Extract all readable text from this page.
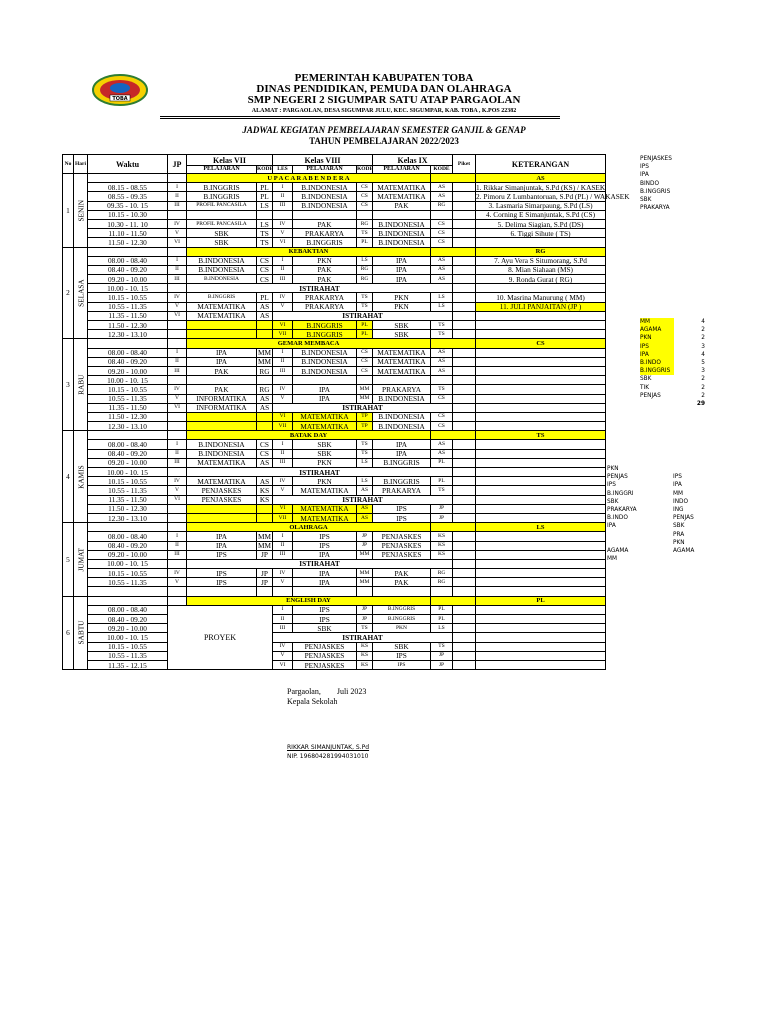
TOBA
PEMERINTAH KABUPATEN TOBA
DINAS PENDIDIKAN, PEMUDA DAN OLAHRAGA
SMP NEGERI 2 SIGUMPAR SATU ATAP PARGAOLAN
ALAMAT : PARGAOLAN, DESA SIGUMPAR JULU, KEC. SIGUMPAR, KAB. TOBA , K.POS 22382
JADWAL KEGIATAN PEMBELAJARAN SEMESTER GANJIL & GENAP
TAHUN PEMBELAJARAN 2022/2023
No	Hari	Waktu	JP	Kelas VII		Kelas VIII			Kelas IX		Piket	KETERANGAN	
				PELAJARAN	KODE	LES	PELAJARAN	KODE	PELAJARAN	KODE			
1	SENIN			U P A C A R A B E N D E R A								AS	
		08.15 - 08.55	I	B.INGGRIS	PL	I	B.INDONESIA	CS	MATEMATIKA	AS		1. Rikkar Simanjuntak, S.Pd (KS) / KASEK	
		08.55 - 09.35	II	B.INGGRIS	PL	II	B.INDONESIA	CS	MATEMATIKA	AS		2. Pimoru Z Lumbantoruan, S.Pd (PL) / WAKASEK	
		09.35 - 10. 15	III	PROFIL PANCASILA	LS	III	B.INDONESIA	CS	PAK	RG		3. Lasmaria Simarpaung, S.Pd (LS)	
		10.15 - 10.30										4. Corning E Simanjuntak, S.Pd (CS)	
		10.30 - 11. 10	IV	PROFIL PANCASILA	LS	IV	PAK	RG	B.INDONESIA	CS		5. Delima Siagian, S.Pd (DS)	
		11.10 - 11.50	V	SBK	TS	V	PRAKARYA	TS	B.INDONESIA	CS		6. Tiggi Sihute ( TS)	
		11.50 - 12.30	VI	SBK	TS	VI	B.INGGRIS	PL	B.INDONESIA	CS			
2	SELASA			KEBAKTIAN								RG	
		08.00 - 08.40	I	B.INDONESIA	CS	I	PKN	LS	IPA	AS		7. Ayu Vera S Situmorang, S.Pd	
		08.40 - 09.20	II	B.INDONESIA	CS	II	PAK	RG	IPA	AS		8. Mian Siahaan (MS)	
		09.20 - 10.00	III	B.INDONESIA	CS	III	PAK	RG	IPA	AS		9. Ronda Gurat ( RG)	
		10.00 - 10. 15		ISTIRAHAT									
		10.15 - 10.55	IV	B.INGGRIS	PL	IV	PRAKARYA	TS	PKN	LS		10. Masrina Manurung ( MM)	
		10.55 - 11.35	V	MATEMATIKA	AS	V	PRAKARYA	TS	PKN	LS		11. JULI PANJAITAN (JP )	
		11.35 - 11.50	VI	MATEMATIKA	AS	ISTIRAHAT							
		11.50 - 12.30				VI	B.INGGRIS	PL	SBK	TS			
		12.30 - 13.10				VII	B.INGGRIS	PL	SBK	TS			
3	RABU			GEMAR MEMBACA								CS	
		08.00 - 08.40	I	IPA	MM	I	B.INDONESIA	CS	MATEMATIKA	AS			
		08.40 - 09.20	II	IPA	MM	II	B.INDONESIA	CS	MATEMATIKA	AS			
		09.20 - 10.00	III	PAK	RG	III	B.INDONESIA	CS	MATEMATIKA	AS			
		10.00 - 10. 15											
		10.15 - 10.55	IV	PAK	RG	IV	IPA	MM	PRAKARYA	TS			
		10.55 - 11.35	V	INFORMATIKA	AS	V	IPA	MM	B.INDONESIA	CS			
		11.35 - 11.50	VI	INFORMATIKA	AS	ISTIRAHAT							
		11.50 - 12.30				VI	MATEMATIKA	TP	B.INDONESIA	CS			
		12.30 - 13.10				VII	MATEMATIKA	TP	B.INDONESIA	CS			
4	KAMIS			BATAK DAY								TS	
		08.00 - 08.40	I	B.INDONESIA	CS	I	SBK	TS	IPA	AS			
		08.40 - 09.20	II	B.INDONESIA	CS	II	SBK	TS	IPA	AS			
		09.20 - 10.00	III	MATEMATIKA	AS	III	PKN	LS	B.INGGRIS	PL			
		10.00 - 10. 15		ISTIRAHAT									
		10.15 - 10.55	IV	MATEMATIKA	AS	IV	PKN	LS	B.INGGRIS	PL			
		10.55 - 11.35	V	PENJASKES	KS	V	MATEMATIKA	AS	PRAKARYA	TS			
		11.35 - 11.50	VI	PENJASKES	KS	ISTIRAHAT							
		11.50 - 12.30				VI	MATEMATIKA	AS	IPS	JP			
		12.30 - 13.10				VII	MATEMATIKA	AS	IPS	JP			
5	JUMAT			OLAHRAGA								LS	
		08.00 - 08.40	I	IPA	MM	I	IPS	JP	PENJASKES	KS			
		08.40 - 09.20	II	IPA	MM	II	IPS	JP	PENJASKES	KS			
		09.20 - 10.00	III	IPS	JP	III	IPA	MM	PENJASKES	KS			
		10.00 - 10. 15		ISTIRAHAT									
		10.15 - 10.55	IV	IPS	JP	IV	IPA	MM	PAK	RG			
		10.55 - 11.35	V	IPS	JP	V	IPA	MM	PAK	RG			

6	SABTU			ENGLISH DAY								PL	
		08.00 - 08.40	PROYEK			I	IPS	JP	B.INGGRIS	PL			
		08.40 - 09.20				II	IPS	JP	B.INGGRIS	PL			
		09.20 - 10.00				III	SBK	TS	PKN	LS			
		10.00 - 10. 15				ISTIRAHAT							
		10.15 - 10.55				IV	PENJASKES	KS	SBK	TS			
		10.55 - 11.35				V	PENJASKES	KS	IPS	JP			
		11.35 - 12.15				VI	PENJASKES	KS	IPS	JP			
PENJASKES
IPS
IPA
BINDO
B.INGGRIS
SBK
PRAKARYA
MM	4
AGAMA	2
PKN	2
IPS	3
IPA	4
B.INDO	5
B.INGGRIS	3
SBK	2
TIK	2
PENJAS	2
29
PKN
PENJAS	IPS
IPS	IPA
B.INGGRI	MM
SBK	INDO
PRAKARYA	ING
B.INDO	PENJAS
IPA	SBK
PRA
PKN
AGAMA	AGAMA
MM
Pargaolan,        Juli 2023
Kepala Sekolah
RIKKAR SIMANJUNTAK, S.Pd
NIP. 196804281994031010
